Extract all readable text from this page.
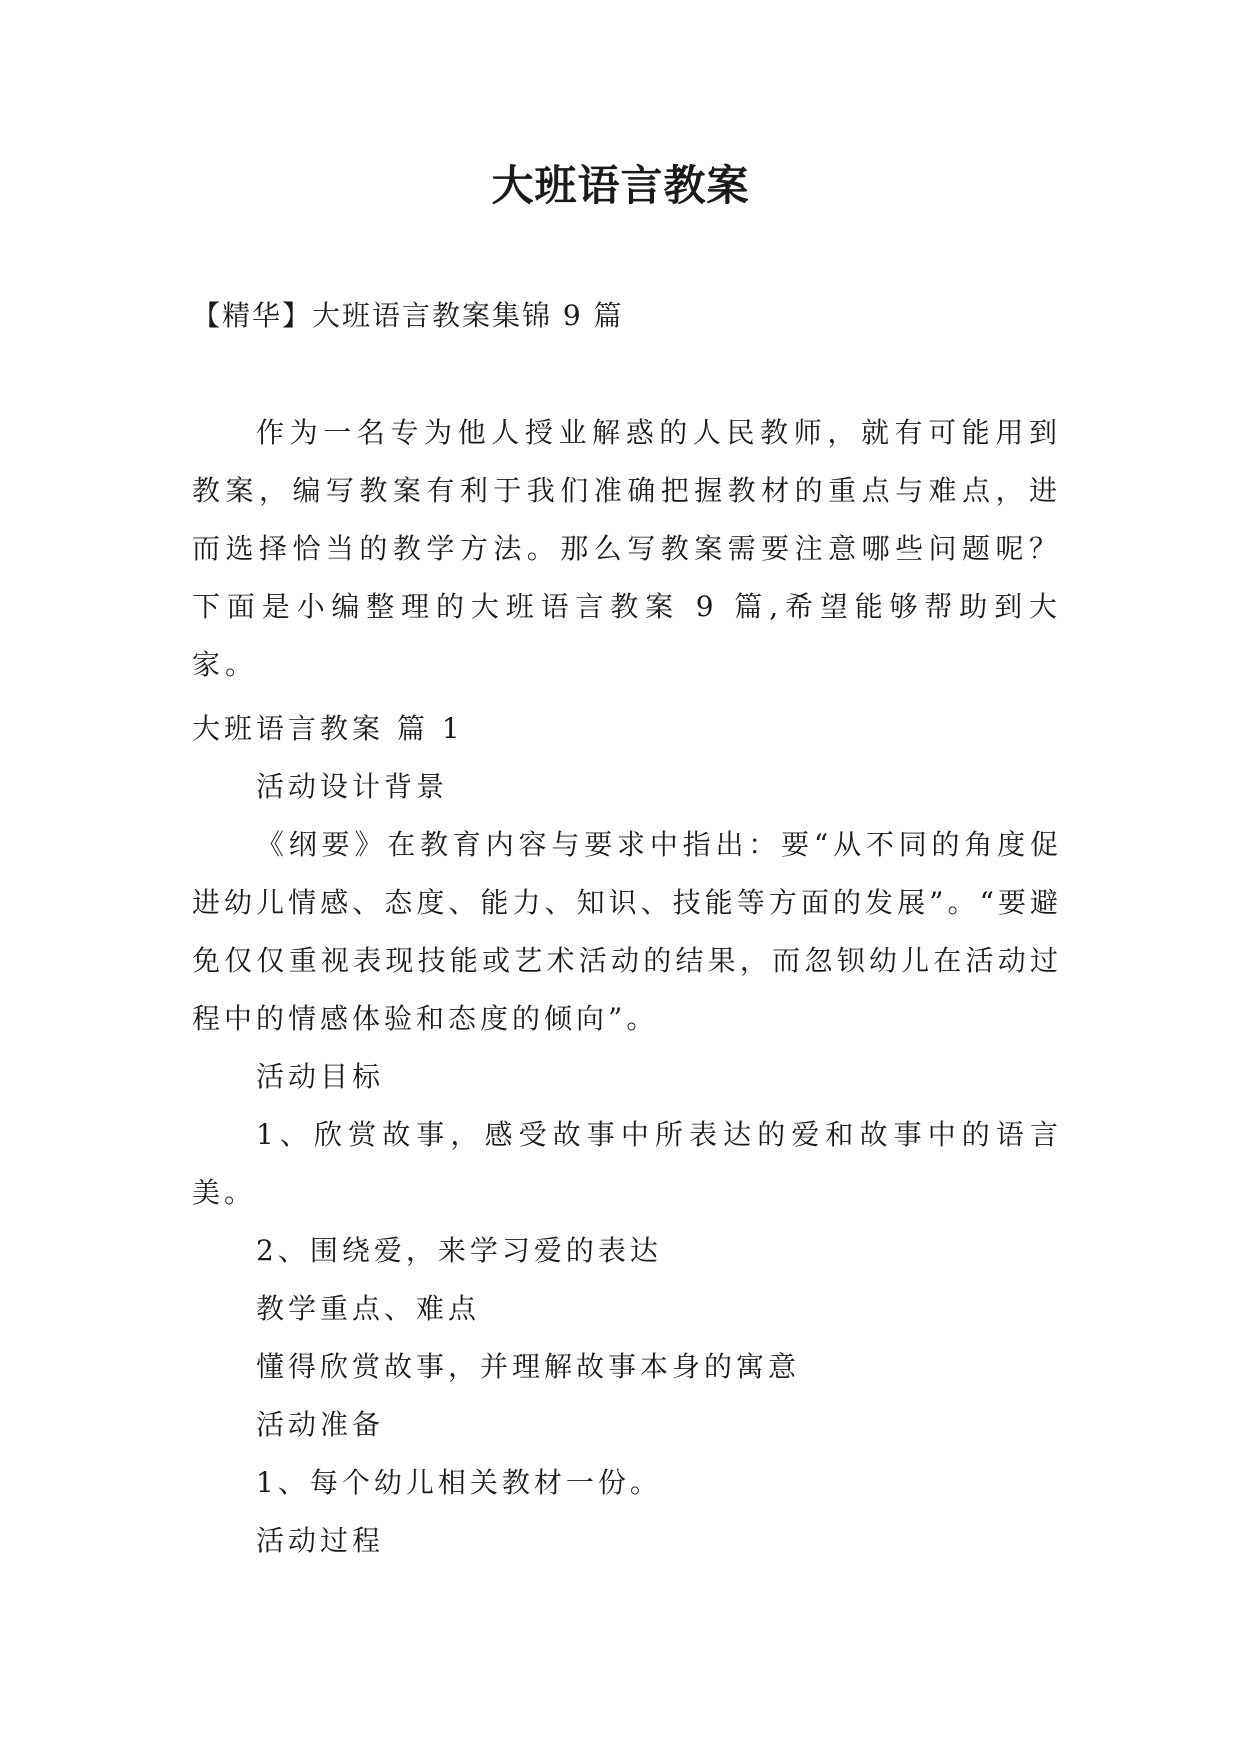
大班语言教案

【精华】大班语言教案集锦 9 篇

作为一名专为他人授业解惑的人民教师，就有可能用到教案，编写教案有利于我们准确把握教材的重点与难点，进而选择恰当的教学方法。那么写教案需要注意哪些问题呢？下面是小编整理的大班语言教案 9 篇,希望能够帮助到大家。

大班语言教案 篇 1

活动设计背景

《纲要》在教育内容与要求中指出：要“从不同的角度促进幼儿情感、态度、能力、知识、技能等方面的发展”。“要避免仅仅重视表现技能或艺术活动的结果，而忽钡幼儿在活动过程中的情感体验和态度的倾向”。

活动目标

1、欣赏故事，感受故事中所表达的爱和故事中的语言美。

2、围绕爱，来学习爱的表达

教学重点、难点

懂得欣赏故事，并理解故事本身的寓意

活动准备

1、每个幼儿相关教材一份。

活动过程
